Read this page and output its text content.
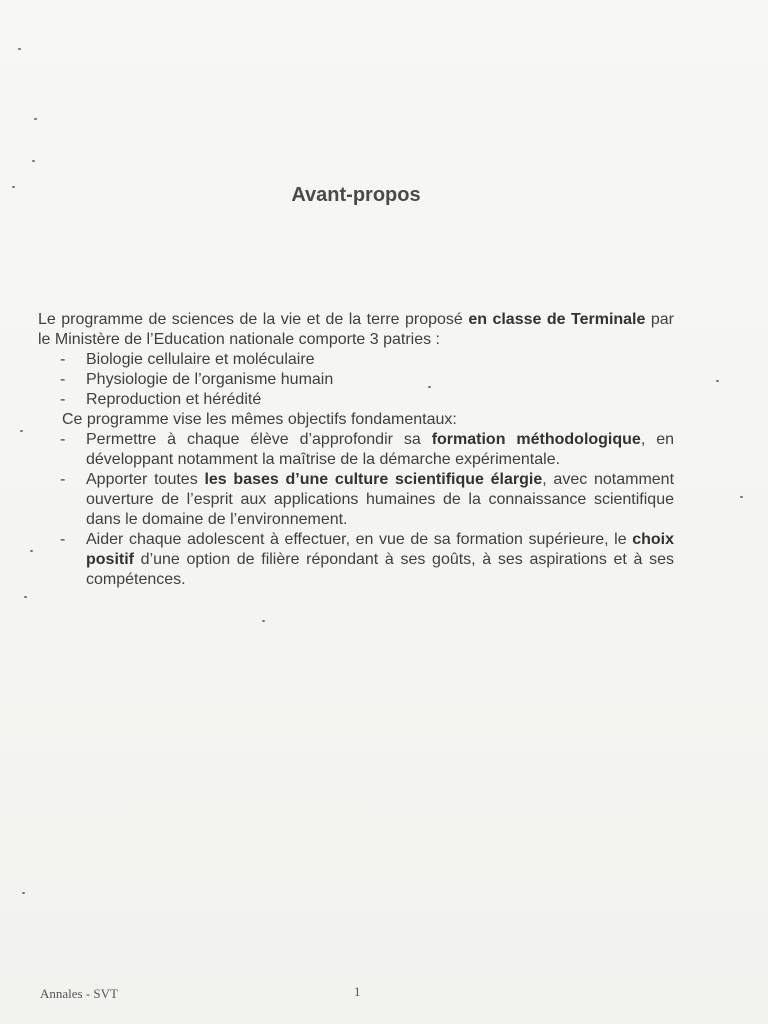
Avant-propos

Le programme de sciences de la vie et de la terre proposé en classe de Terminale par le Ministère de l’Education nationale comporte 3 patries :

- Biologie cellulaire et moléculaire
- Physiologie de l’organisme humain
- Reproduction et hérédité

Ce programme vise les mêmes objectifs fondamentaux:

- Permettre à chaque élève d’approfondir sa formation méthodologique, en développant notamment la maîtrise de la démarche expérimentale.
- Apporter toutes les bases d’une culture scientifique élargie, avec notamment ouverture de l’esprit aux applications humaines de la connaissance scientifique dans le domaine de l’environnement.
- Aider chaque adolescent à effectuer, en vue de sa formation supérieure, le choix positif d’une option de filière répondant à ses goûts, à ses aspirations et à ses compétences.
Annales - SVT	1
